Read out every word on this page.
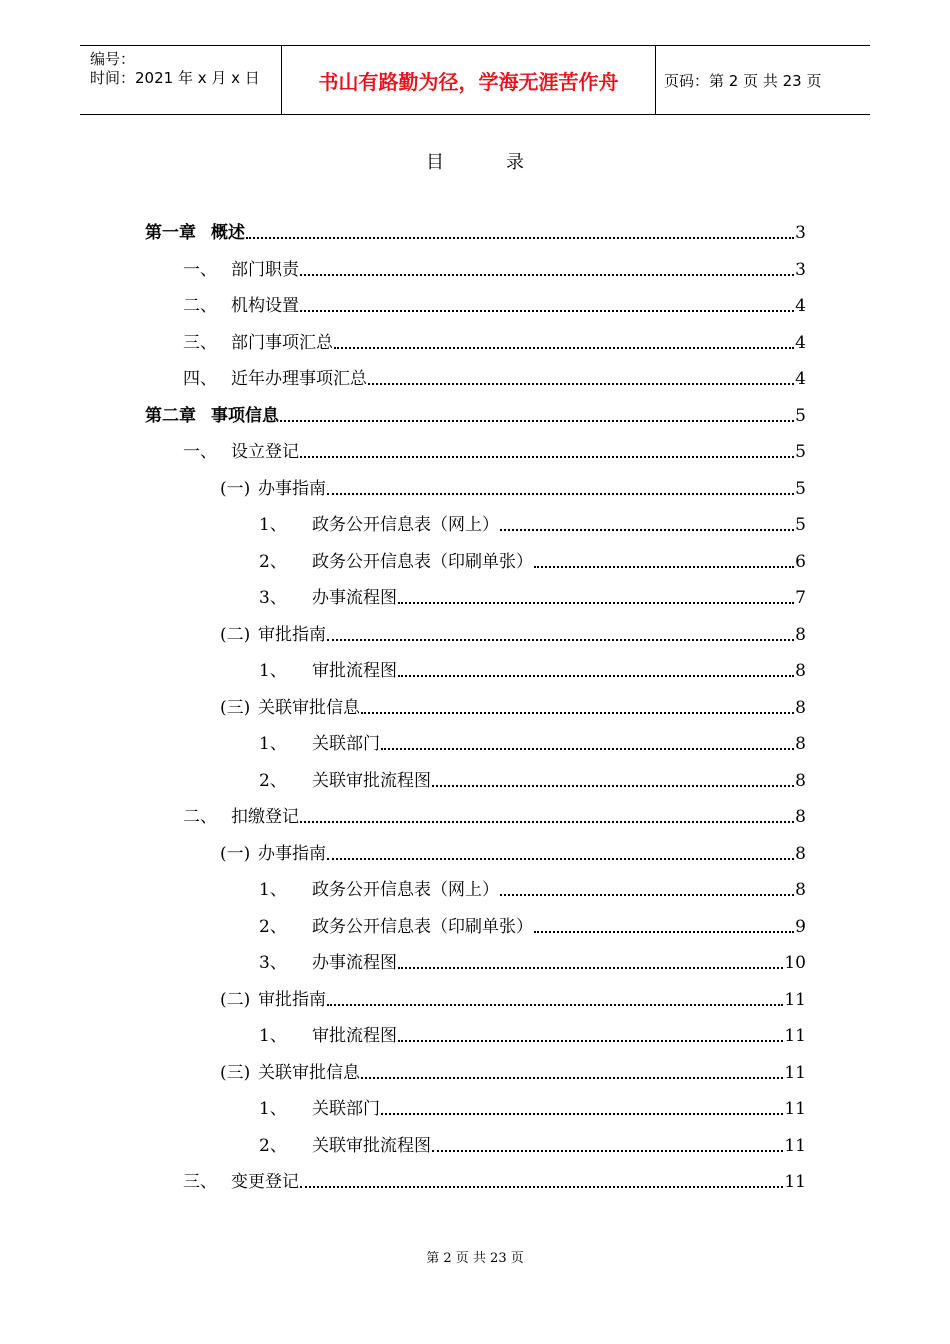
编号：
时间：2021 年 x 月 x 日	书山有路勤为径，学海无涯苦作舟	页码：第 2 页 共 23 页
目	录
第一章 概述	3
一、 部门职责	3
二、 机构设置	4
三、 部门事项汇总	4
四、 近年办理事项汇总	4
第二章 事项信息	5
一、 设立登记	5
(一) 办事指南	5
1、	政务公开信息表（网上）	5
2、	政务公开信息表（印刷单张）	6
3、	办事流程图	7
(二) 审批指南	8
1、	审批流程图	8
(三) 关联审批信息	8
1、	关联部门	8
2、	关联审批流程图	8
二、 扣缴登记	8
(一) 办事指南	8
1、	政务公开信息表（网上）	8
2、	政务公开信息表（印刷单张）	9
3、	办事流程图	10
(二) 审批指南	11
1、	审批流程图	11
(三) 关联审批信息	11
1、	关联部门	11
2、	关联审批流程图	11
三、 变更登记	11
第 2 页 共 23 页
